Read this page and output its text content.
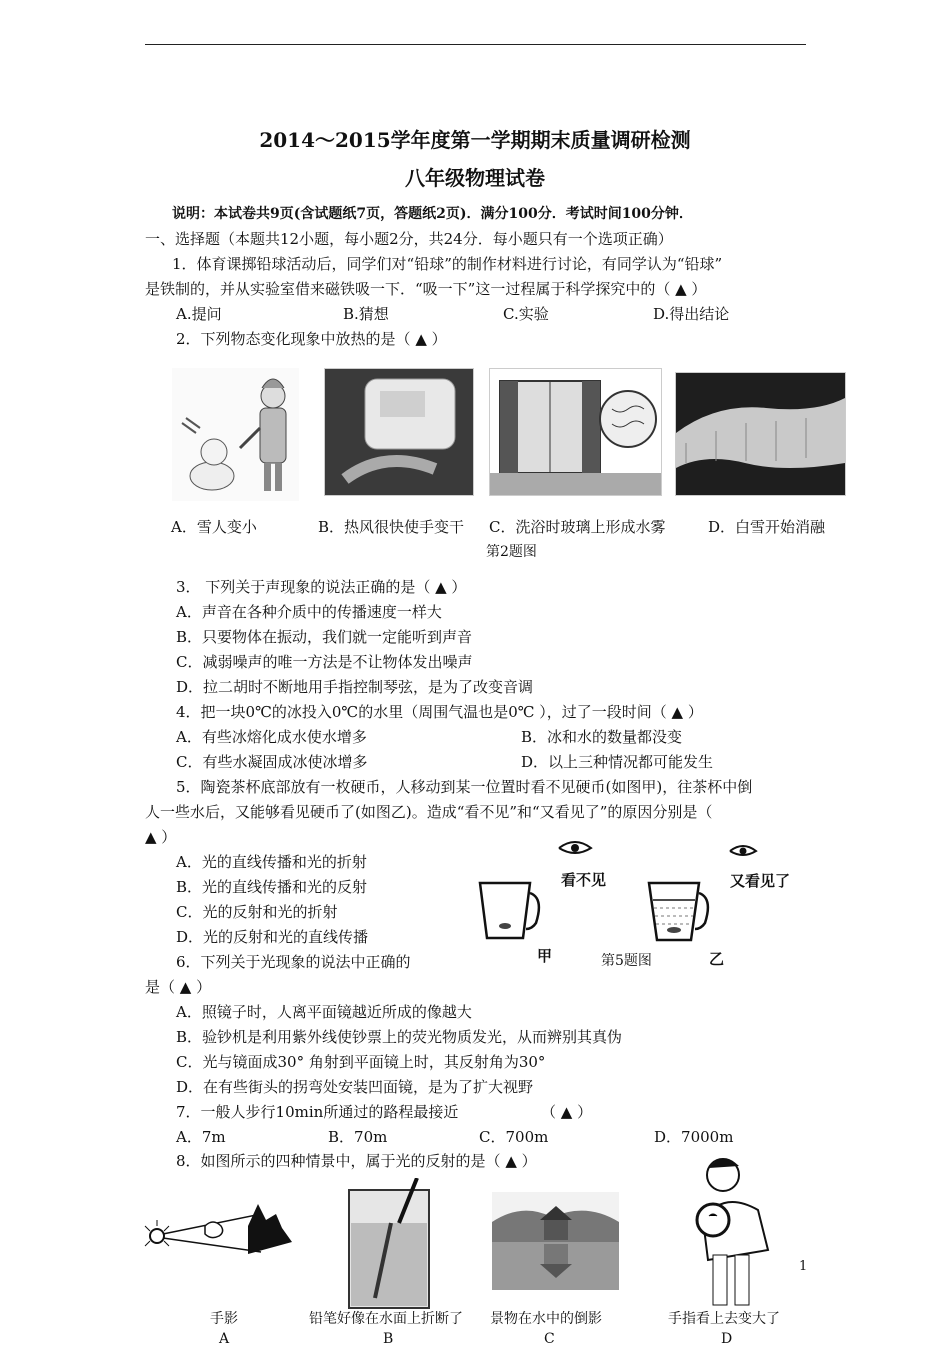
2014～2015学年度第一学期期末质量调研检测
八年级物理试卷
说明：本试卷共9页(含试题纸7页，答题纸2页)．满分100分．考试时间100分钟．
一、选择题（本题共12小题，每小题2分，共24分．每小题只有一个选项正确）
1．体育课掷铅球活动后，同学们对“铅球”的制作材料进行讨论，有同学认为“铅球”
是铁制的，并从实验室借来磁铁吸一下．“吸一下”这一过程属于科学探究中的（ ▲ ）
A.提问	B.猜想	C.实验	D.得出结论
2．下列物态变化现象中放热的是（ ▲ ）
A．雪人变小	B．热风很快使手变干 C．洗浴时玻璃上形成水雾	D．白雪开始消融
第2题图
3． 下列关于声现象的说法正确的是（ ▲ ）
A．声音在各种介质中的传播速度一样大
B．只要物体在振动，我们就一定能听到声音
C．减弱噪声的唯一方法是不让物体发出噪声
D．拉二胡时不断地用手指控制琴弦，是为了改变音调
4．把一块0℃的冰投入0℃的水里（周围气温也是0℃ ），过了一段时间（ ▲ ）
A．有些冰熔化成水使水增多	B．冰和水的数量都没变
C．有些水凝固成冰使冰增多	D．以上三种情况都可能发生
5．陶瓷茶杯底部放有一枚硬币，人移动到某一位置时看不见硬币(如图甲)，往茶杯中倒
人一些水后，又能够看见硬币了(如图乙)。造成“看不见”和“又看见了”的原因分别是（
▲ ）
A．光的直线传播和光的折射
B．光的直线传播和光的反射
C．光的反射和光的折射
D．光的反射和光的直线传播
看不见	又看见了
甲	第5题图	乙
6．下列关于光现象的说法中正确的
是（ ▲ ）
A．照镜子时，人离平面镜越近所成的像越大
B．验钞机是利用紫外线使钞票上的荧光物质发光，从而辨别其真伪
C．光与镜面成30° 角射到平面镜上时，其反射角为30°
D．在有些街头的拐弯处安装凹面镜，是为了扩大视野
7．一般人步行10min所通过的路程最接近	（ ▲ ）
A．7m	B．70m	C．700m	D．7000m
8．如图所示的四种情景中，属于光的反射的是（ ▲ ）
手影	铅笔好像在水面上折断了 景物在水中的倒影	手指看上去变大了
A	B	C	D
1
